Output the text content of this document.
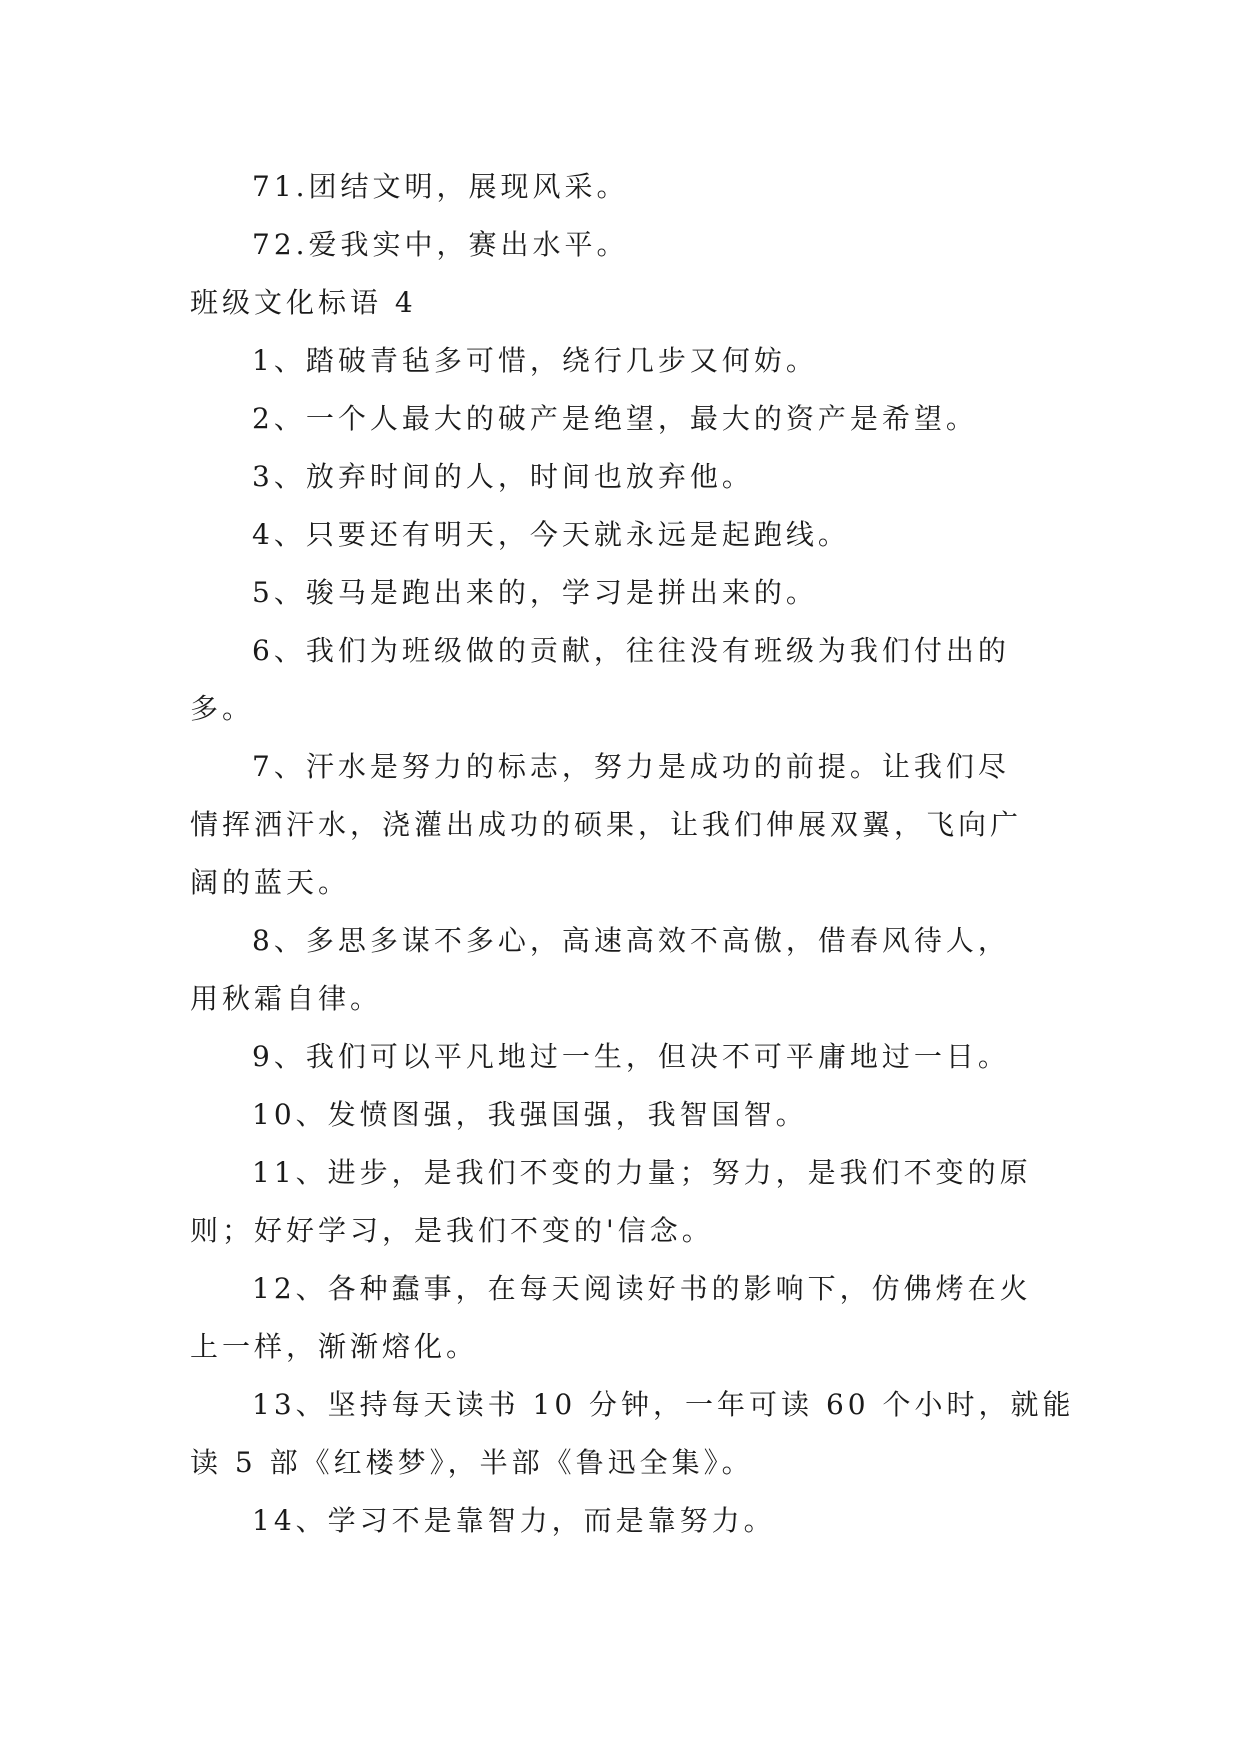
71.团结文明，展现风采。
72.爱我实中，赛出水平。
班级文化标语 4
1、踏破青毡多可惜，绕行几步又何妨。
2、一个人最大的破产是绝望，最大的资产是希望。
3、放弃时间的人，时间也放弃他。
4、只要还有明天，今天就永远是起跑线。
5、骏马是跑出来的，学习是拼出来的。
6、我们为班级做的贡献，往往没有班级为我们付出的
多。
7、汗水是努力的标志，努力是成功的前提。让我们尽
情挥洒汗水，浇灌出成功的硕果，让我们伸展双翼，飞向广
阔的蓝天。
8、多思多谋不多心，高速高效不高傲，借春风待人，
用秋霜自律。
9、我们可以平凡地过一生，但决不可平庸地过一日。
10、发愤图强，我强国强，我智国智。
11、进步，是我们不变的力量；努力，是我们不变的原
则；好好学习，是我们不变的'信念。
12、各种蠢事，在每天阅读好书的影响下，仿佛烤在火
上一样，渐渐熔化。
13、坚持每天读书 10 分钟，一年可读 60 个小时，就能
读 5 部《红楼梦》，半部《鲁迅全集》。
14、学习不是靠智力，而是靠努力。
